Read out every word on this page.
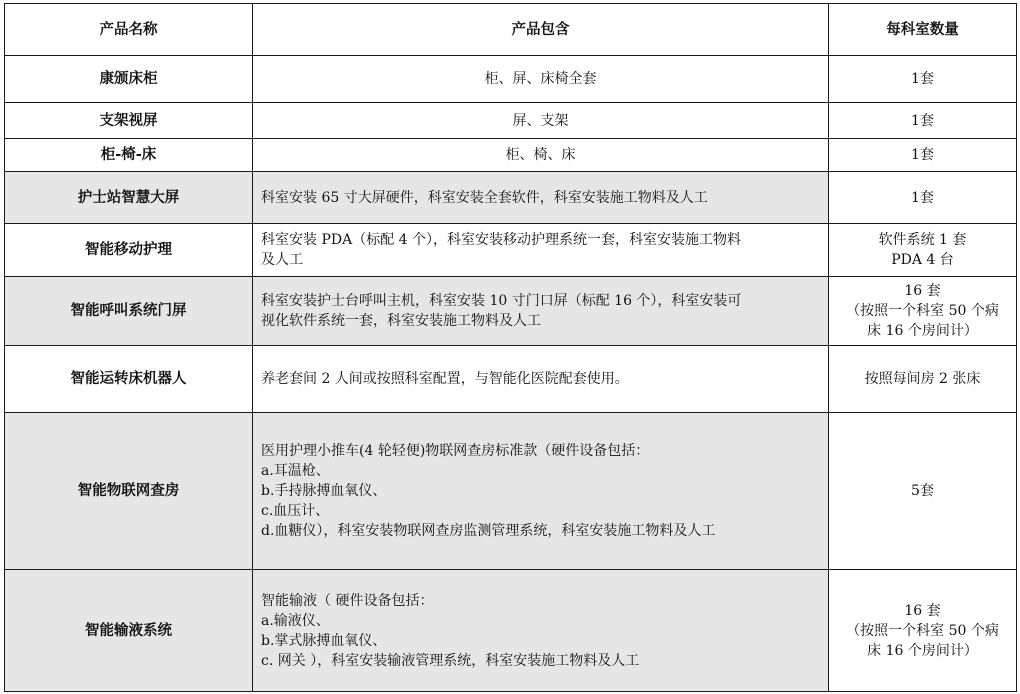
产品名称	产品包含	每科室数量
康颁床柜	柜、屏、床椅全套	1套

支架视屏	屏、支架	1套

柜-椅-床	柜、椅、床	1套

护士站智慧大屏	科室安装 65 寸大屏硬件，科室安装全套软件，科室安装施工物料及人工	1套

智能移动护理	科室安装 PDA（标配 4 个），科室安装移动护理系统一套，科室安装施工物料
及人工	软件系统 1 套
PDA 4 台

智能呼叫系统门屏	科室安装护士台呼叫主机，科室安装 10 寸门口屏（标配 16 个），科室安装可
视化软件系统一套，科室安装施工物料及人工	16 套
（按照一个科室 50 个病
床 16 个房间计）

智能运转床机器人	养老套间 2 人间或按照科室配置，与智能化医院配套使用。	按照每间房 2 张床

智能物联网查房	医用护理小推车(4 轮轻便)物联网查房标准款（硬件设备包括：
a.耳温枪、
b.手持脉搏血氧仪、
c.血压计、
d.血糖仪），科室安装物联网查房监测管理系统，科室安装施工物料及人工	5套

智能输液系统	智能输液（ 硬件设备包括：
a.输液仪、
b.掌式脉搏血氧仪、
c. 网关 ），科室安装输液管理系统，科室安装施工物料及人工	16 套
（按照一个科室 50 个病
床 16 个房间计）
